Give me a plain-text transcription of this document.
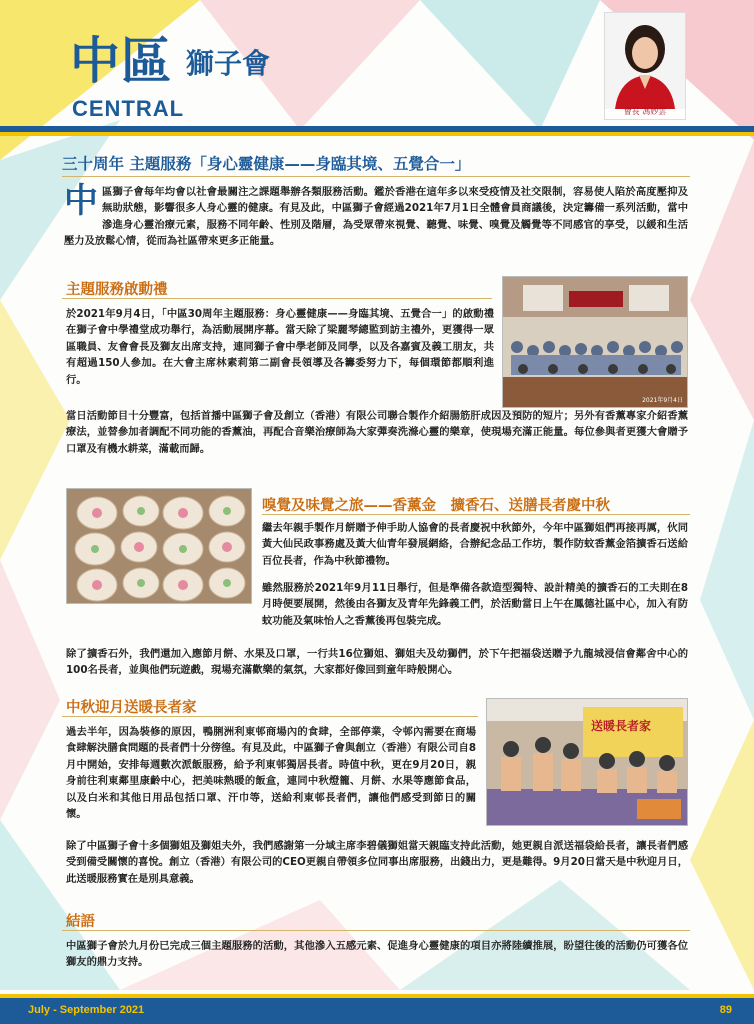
中區 獅子會
CENTRAL	會長 馮妙雲
三十周年 主題服務「身心靈健康——身臨其境、五覺合一」
中區獅子會每年均會以社會最關注之課題舉辦各類服務活動。鑑於香港在這年多以來受疫情及社交限制，容易使人陷於高度壓抑及無助狀態，影響很多人身心靈的健康。有見及此，中區獅子會經過2021年7月1日全體會員商議後，決定籌備一系列活動，當中滲進身心靈治療元素，服務不同年齡、性別及階層，為受眾帶來視覺、聽覺、味覺、嗅覺及觸覺等不同感官的享受，以緩和生活壓力及放鬆心情，從而為社區帶來更多正能量。
主題服務啟動禮
於2021年9月4日，「中區30周年主題服務：身心靈健康——身臨其境、五覺合一」的啟動禮在獅子會中學禮堂成功舉行，為活動展開序幕。當天除了梁麗琴總監到訪主禮外，更獲得一眾區職員、友會會長及獅友出席支持，連同獅子會中學老師及同學，以及各嘉賓及義工朋友，共有超過150人參加。在大會主席林素莉第二副會長領導及各籌委努力下，每個環節都順利進行。
2021年9月4日
當日活動節目十分豐富，包括首播中區獅子會及創立（香港）有限公司聯合製作介紹腸筋肝成因及預防的短片；另外有香薰專家介紹香薰療法，並替參加者調配不同功能的香薰油，再配合音樂治療師為大家彈奏洗滌心靈的樂章，使現場充滿正能量。每位參與者更獲大會贈予口罩及有機水耕菜，滿載而歸。
嗅覺及味覺之旅——香薰金　擴香石、送膳長者慶中秋
繼去年親手製作月餅贈予伸手助人協會的長者慶祝中秋節外，今年中區獅姐們再接再厲，伙同黃大仙民政事務處及黃大仙青年發展網絡，合辦紀念品工作坊，製作防蚊香薰金箔擴香石送給百位長者，作為中秋節禮物。
雖然服務於2021年9月11日舉行，但是準備各款造型獨特、設計精美的擴香石的工夫則在8月時便要展開，然後由各獅友及青年先鋒義工們，於活動當日上午在鳳德社區中心，加入有防蚊功能及氣味怡人之香薰後再包裝完成。
除了擴香石外，我們還加入應節月餅、水果及口罩，一行共16位獅姐、獅姐夫及幼獅們，於下午把福袋送贈予九龍城浸信會鄰舍中心的100名長者，並與他們玩遊戲，現場充滿歡樂的氣氛，大家都好像回到童年時般開心。
中秋迎月送暖長者家
過去半年，因為裝修的原因，鴨脷洲利東邨商場內的食肆，全部停業，令邨內需要在商場食肆解決膳食問題的長者們十分徬徨。有見及此，中區獅子會與創立（香港）有限公司自8月中開始，安排每週數次派飯服務，給予利東邨獨居長者。時值中秋，更在9月20日，親身前往利東鄰里康齡中心，把美味熱暖的飯盒，連同中秋燈籠、月餅、水果等應節食品，以及白米和其他日用品包括口罩、汗巾等，送給利東邨長者們，讓他們感受到節日的關懷。
送暖長者家
除了中區獅子會十多個獅姐及獅姐夫外，我們感謝第一分域主席李碧儀獅姐當天親臨支持此活動，她更親自派送福袋給長者，讓長者們感受到備受關懷的喜悅。創立（香港）有限公司的CEO更親自帶領多位同事出席服務，出錢出力，更是難得。9月20日當天是中秋迎月日，此送暖服務實在是別具意義。
結語
中區獅子會於九月份已完成三個主題服務的活動，其他滲入五感元素、促進身心靈健康的項目亦將陸續推展，盼望往後的活動仍可獲各位獅友的鼎力支持。
July - September 2021	89
